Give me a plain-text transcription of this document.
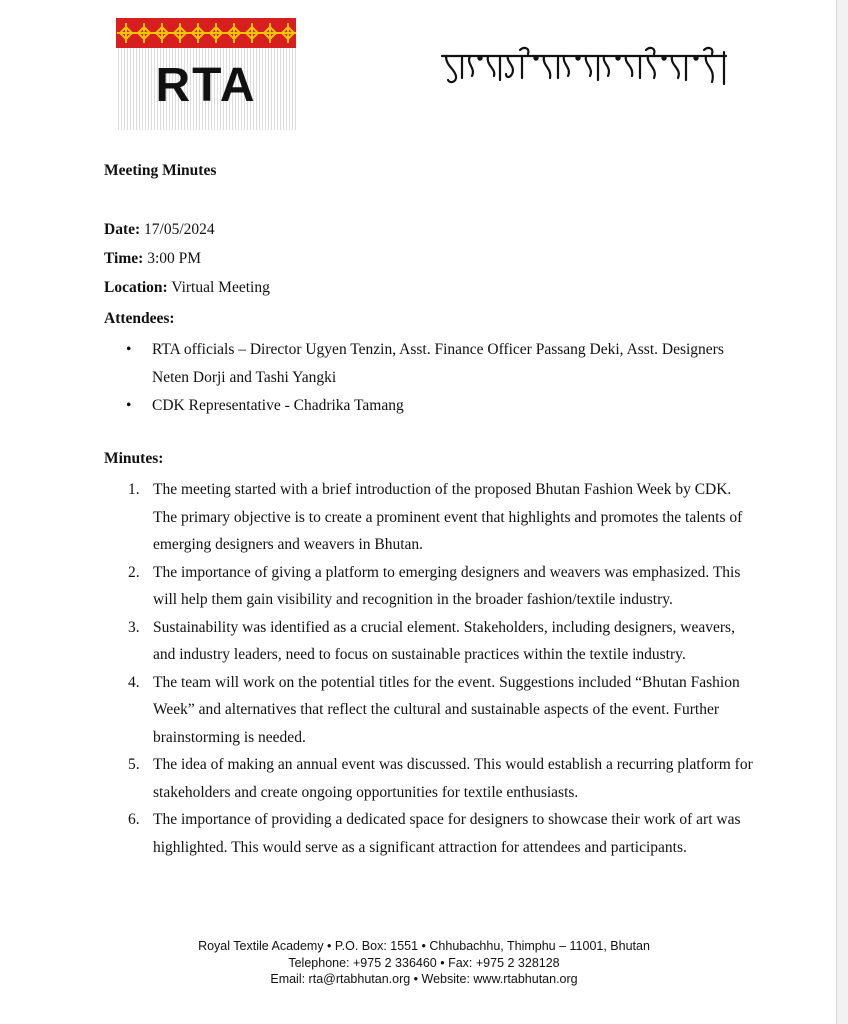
RTA
Meeting Minutes
Date: 17/05/2024
Time: 3:00 PM
Location: Virtual Meeting
Attendees:
• RTA officials – Director Ugyen Tenzin, Asst. Finance Officer Passang Deki, Asst. Designers Neten Dorji and Tashi Yangki
• CDK Representative - Chadrika Tamang
Minutes:
1. The meeting started with a brief introduction of the proposed Bhutan Fashion Week by CDK. The primary objective is to create a prominent event that highlights and promotes the talents of emerging designers and weavers in Bhutan.
2. The importance of giving a platform to emerging designers and weavers was emphasized. This will help them gain visibility and recognition in the broader fashion/textile industry.
3. Sustainability was identified as a crucial element. Stakeholders, including designers, weavers, and industry leaders, need to focus on sustainable practices within the textile industry.
4. The team will work on the potential titles for the event. Suggestions included “Bhutan Fashion Week” and alternatives that reflect the cultural and sustainable aspects of the event. Further brainstorming is needed.
5. The idea of making an annual event was discussed. This would establish a recurring platform for stakeholders and create ongoing opportunities for textile enthusiasts.
6. The importance of providing a dedicated space for designers to showcase their work of art was highlighted. This would serve as a significant attraction for attendees and participants.
Royal Textile Academy • P.O. Box: 1551 • Chhubachhu, Thimphu – 11001, Bhutan
Telephone: +975 2 336460 • Fax: +975 2 328128
Email: rta@rtabhutan.org • Website: www.rtabhutan.org
